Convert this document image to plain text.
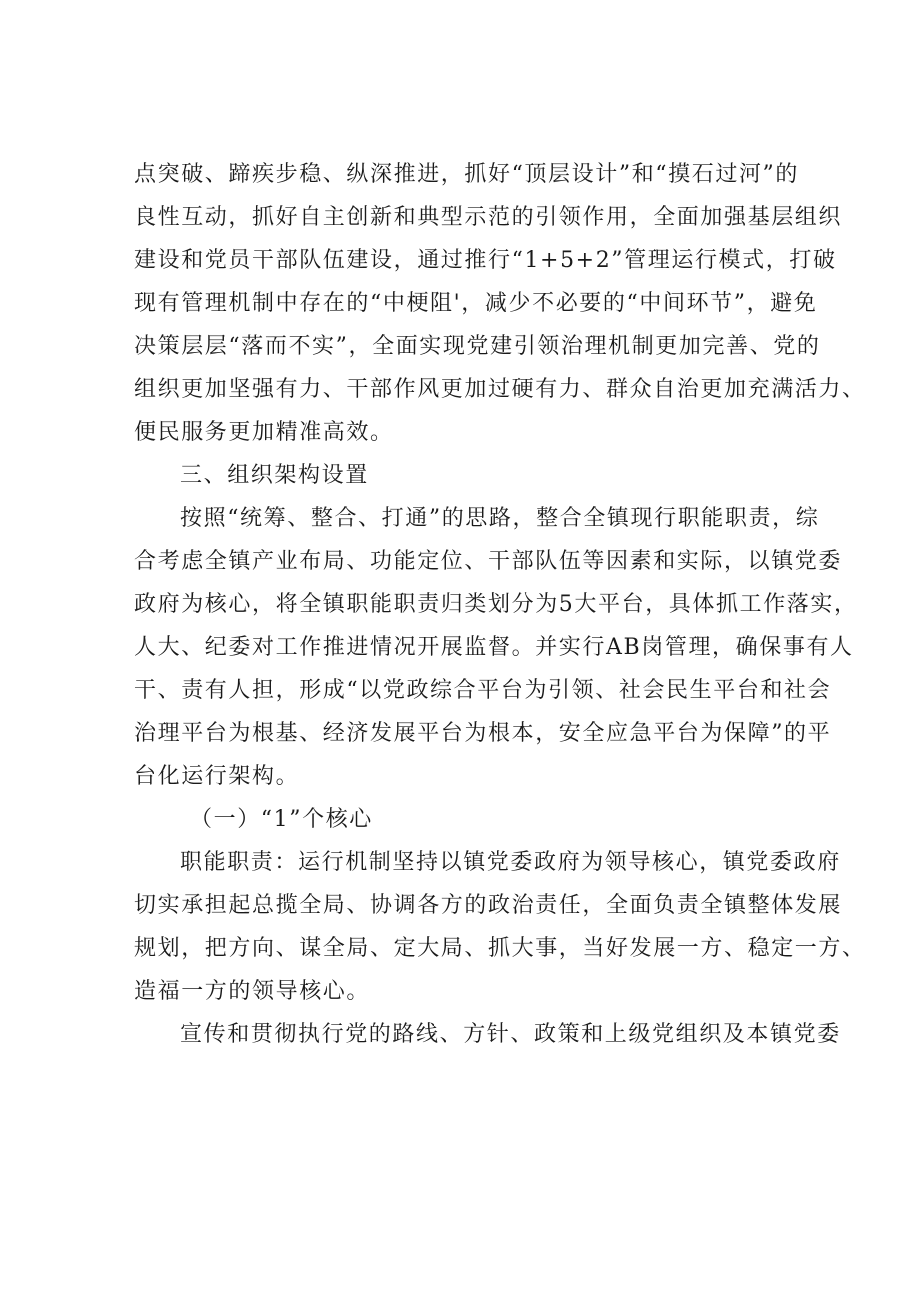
点突破、蹄疾步稳、纵深推进，抓好“顶层设计”和“摸石过河”的
良性互动，抓好自主创新和典型示范的引领作用，全面加强基层组织
建设和党员干部队伍建设，通过推行“1+5+2”管理运行模式，打破
现有管理机制中存在的“中梗阻'，减少不必要的“中间环节”，避免
决策层层“落而不实”，全面实现党建引领治理机制更加完善、党的
组织更加坚强有力、干部作风更加过硬有力、群众自治更加充满活力、
便民服务更加精准高效。
三、组织架构设置
按照“统筹、整合、打通”的思路，整合全镇现行职能职责，综
合考虑全镇产业布局、功能定位、干部队伍等因素和实际，以镇党委
政府为核心，将全镇职能职责归类划分为5大平台，具体抓工作落实，
人大、纪委对工作推进情况开展监督。并实行AB岗管理，确保事有人
干、责有人担，形成“以党政综合平台为引领、社会民生平台和社会
治理平台为根基、经济发展平台为根本，安全应急平台为保障”的平
台化运行架构。
（一）“1”个核心
职能职责：运行机制坚持以镇党委政府为领导核心，镇党委政府
切实承担起总揽全局、协调各方的政治责任，全面负责全镇整体发展
规划，把方向、谋全局、定大局、抓大事，当好发展一方、稳定一方、
造福一方的领导核心。
宣传和贯彻执行党的路线、方针、政策和上级党组织及本镇党委
